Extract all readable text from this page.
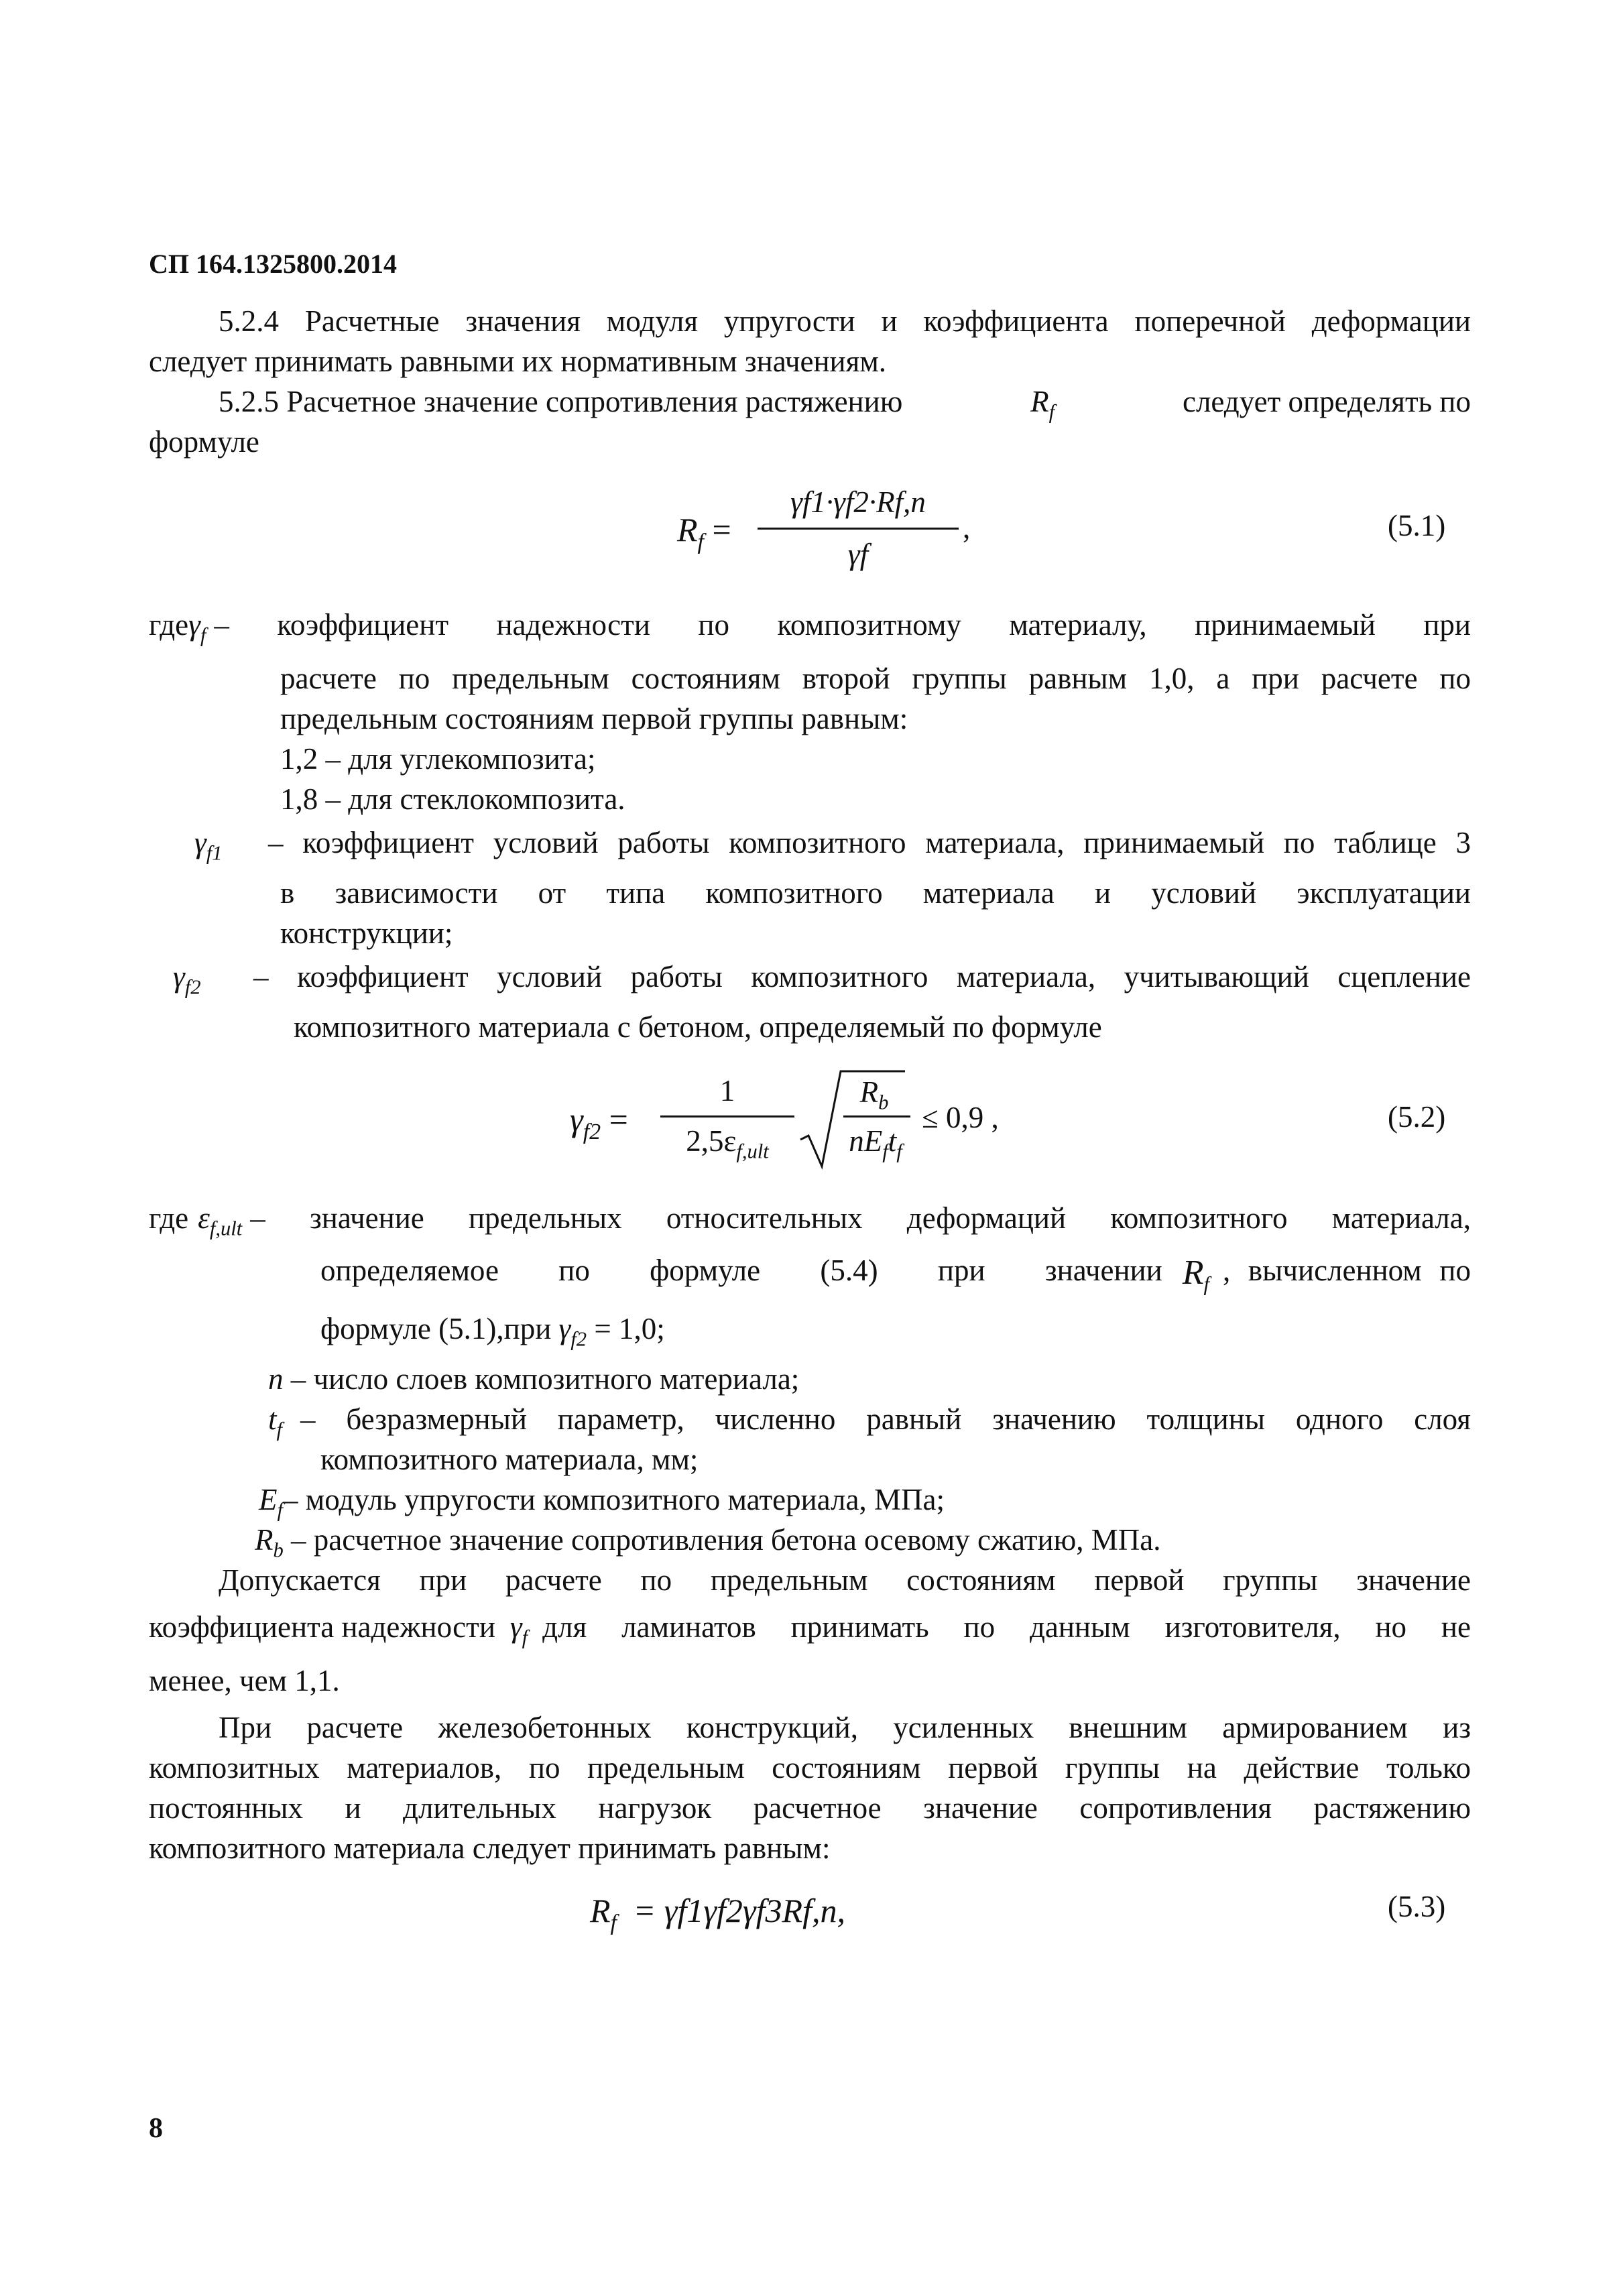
СП 164.1325800.2014
5.2.4 Расчетные значения модуля упругости и коэффициента поперечной деформации
следует принимать равными их нормативным значениям.
5.2.5 Расчетное значение сопротивления растяжению	$R_f$	следует определять по
формуле
$R_f$ =
γf1·γf2·Rf,n
γf
,	(5.1)
где $\gamma_f$ – коэффициент надежности по композитному материалу, принимаемый при
расчете по предельным состояниям второй группы равным 1,0, а при расчете по
предельным состояниям первой группы равным:
1,2 – для углекомпозита;
1,8 – для стеклокомпозита.
$\gamma_{f1}$	– коэффициент условий работы композитного материала, принимаемый по таблице 3
в зависимости от типа композитного материала и условий эксплуатации
конструкции;
$\gamma_{f2}$	– коэффициент условий работы композитного материала, учитывающий сцепление
композитного материала с бетоном, определяемый по формуле
$\gamma_{f2}$ =
1
$2,5\varepsilon_{f,ult}$
$R_b$
$nE_ft_f$
≤ 0,9 ,	(5.2)
где $\varepsilon_{f,ult}$ – значение предельных относительных деформаций композитного материала,
определяемое по формуле (5.4) при значении $R_f$ , вычисленном по
формуле (5.1),при $\gamma_{f2} = 1,0$;
n – число слоев композитного материала;
$t_f$ – безразмерный параметр, численно равный значению толщины одного слоя
композитного материала, мм;
$E_f-$ модуль упругости композитного материала, МПа;
$R_b$ – расчетное значение сопротивления бетона осевому сжатию, МПа.
Допускается при расчете по предельным состояниям первой группы значение
коэффициента надежности $\gamma_f$ для ламинатов принимать по данным изготовителя, но не
менее, чем 1,1.
При расчете железобетонных конструкций, усиленных внешним армированием из
композитных материалов, по предельным состояниям первой группы на действие только
постоянных и длительных нагрузок расчетное значение сопротивления растяжению
композитного материала следует принимать равным:
$R_f = \gamma f1\gamma f2\gamma f3Rf,n$,	(5.3)
8
